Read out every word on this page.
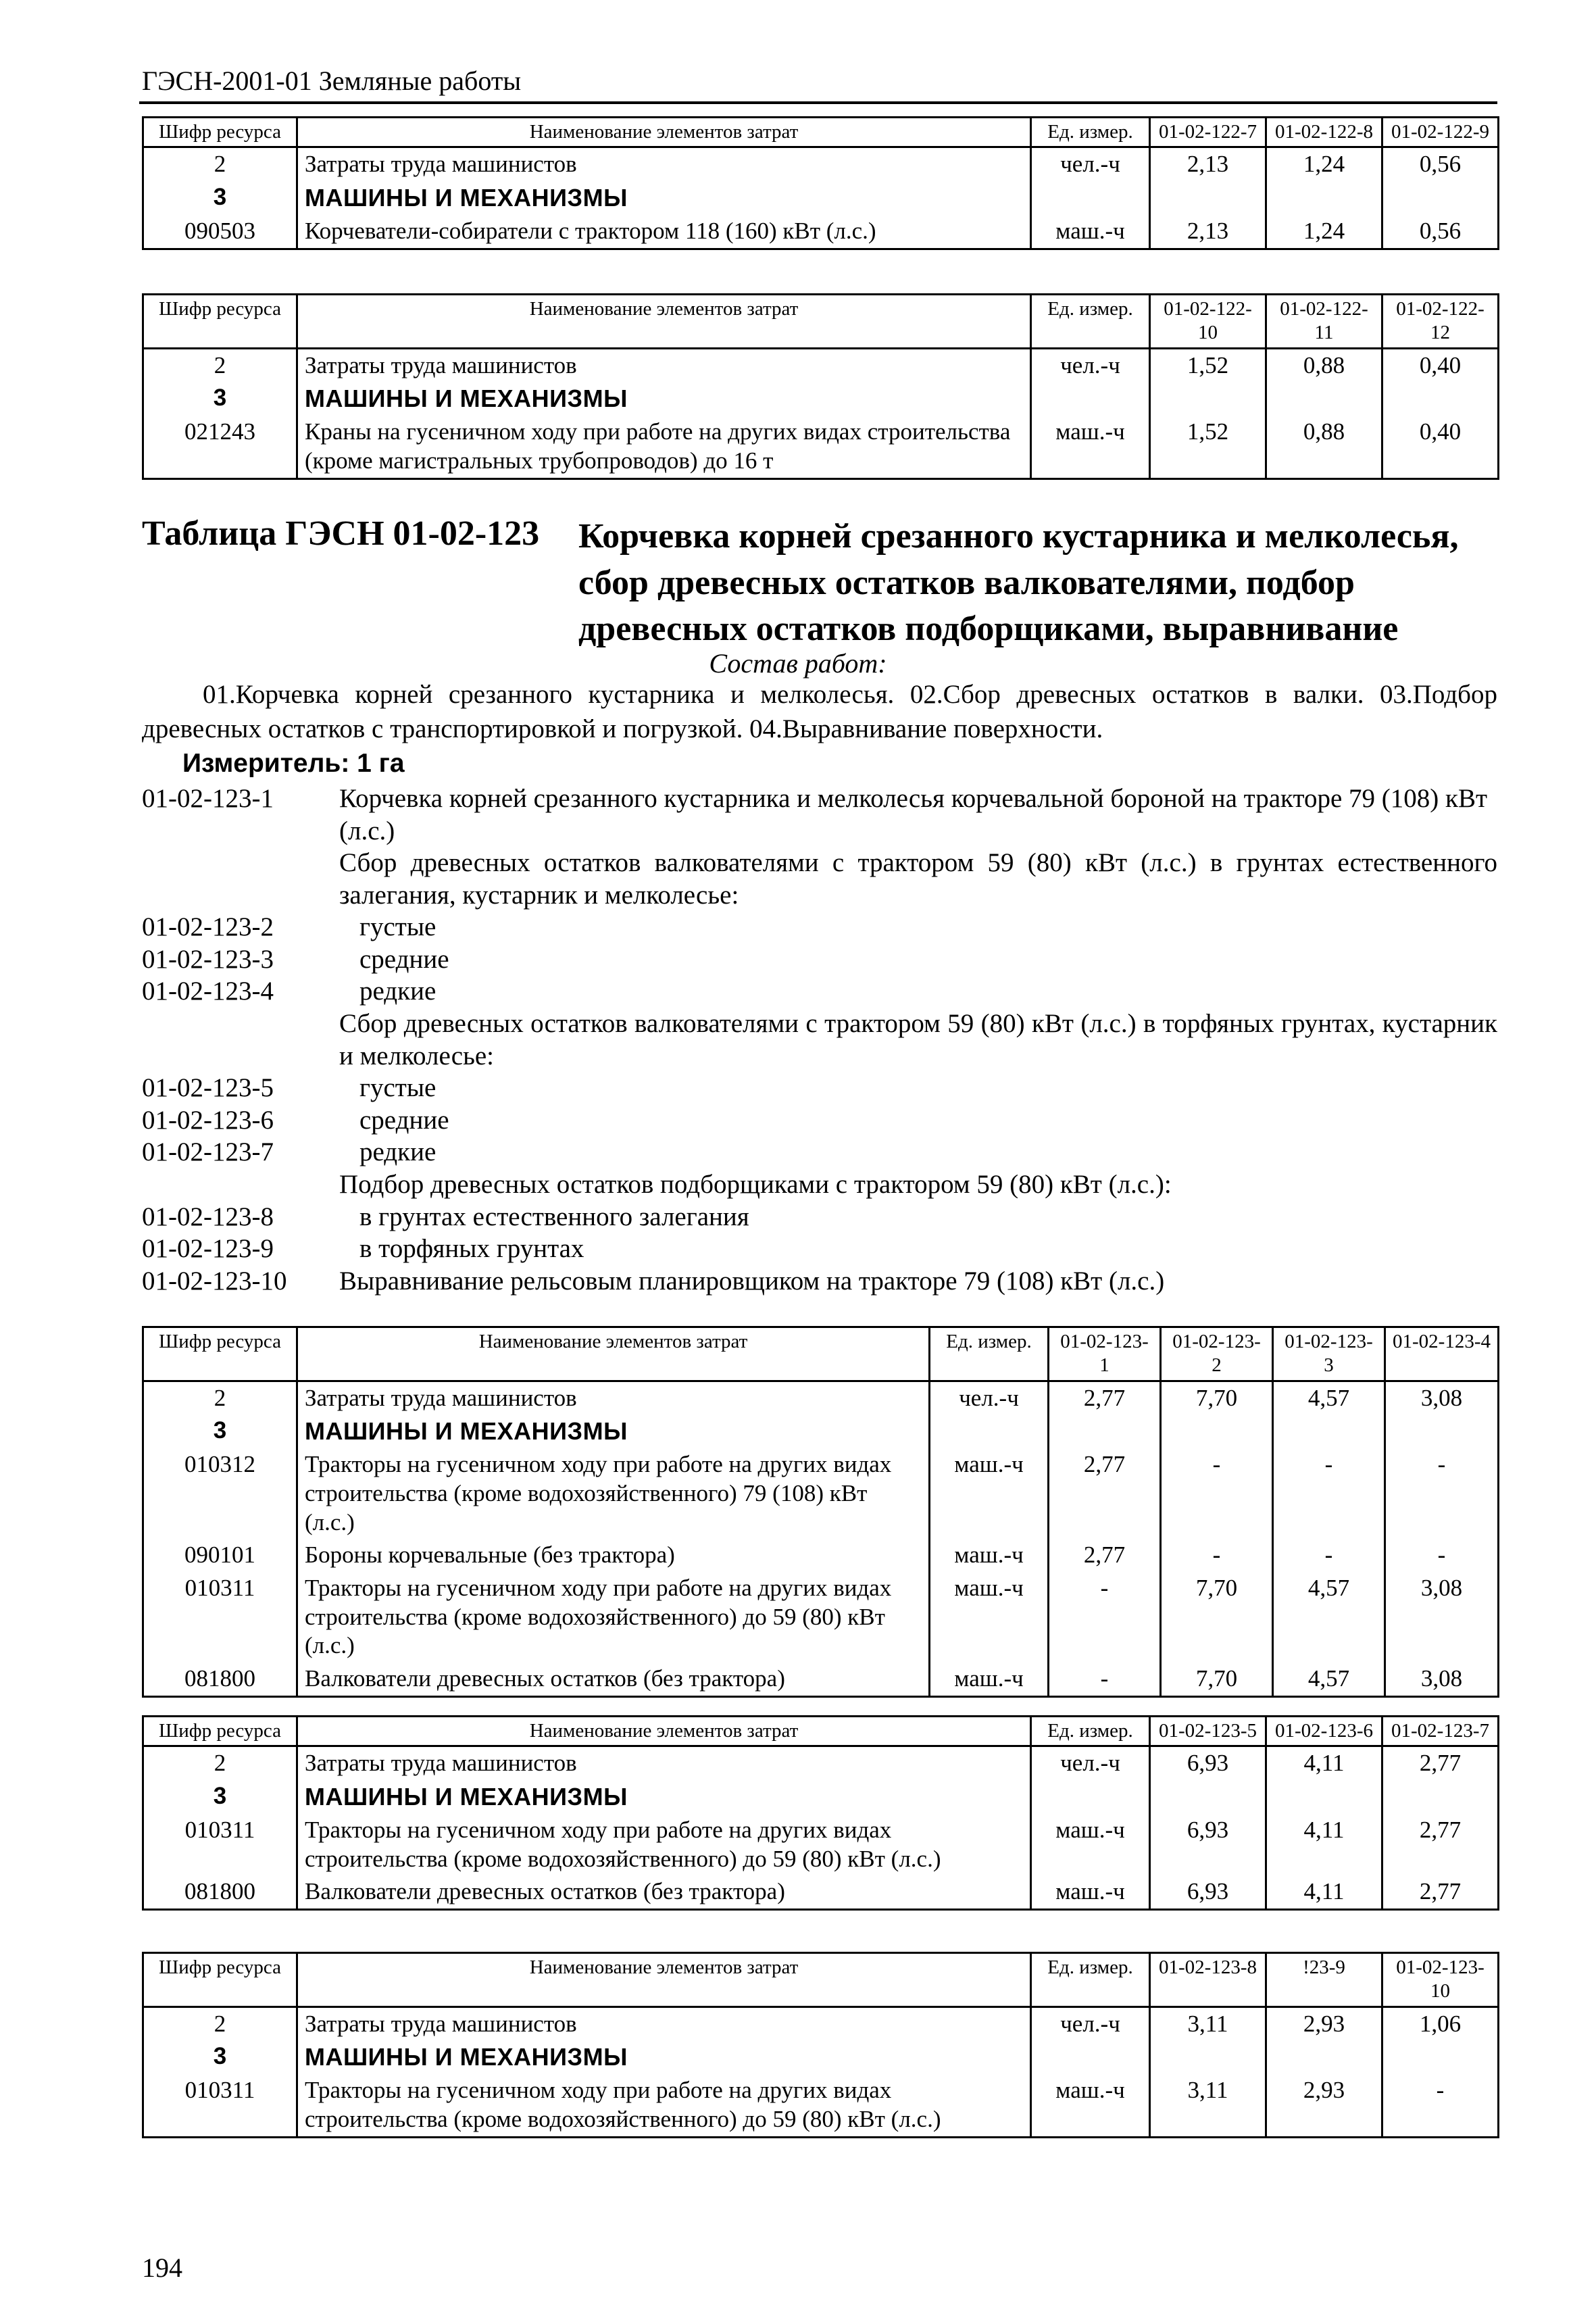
ГЭСН-2001-01 Земляные работы
Шифр ресурса	Наименование элементов затрат	Ед. измер.	01-02-122-7	01-02-122-8	01-02-122-9
2	Затраты труда машинистов	чел.-ч	2,13	1,24	0,56
3	МАШИНЫ И МЕХАНИЗМЫ				
090503	Корчеватели-собиратели с трактором 118 (160) кВт (л.с.)	маш.-ч	2,13	1,24	0,56
Шифр ресурса	Наименование элементов затрат	Ед. измер.	01-02-122-10	01-02-122-11	01-02-122-12
2	Затраты труда машинистов	чел.-ч	1,52	0,88	0,40
3	МАШИНЫ И МЕХАНИЗМЫ				
021243	Краны на гусеничном ходу при работе на других видах строительства (кроме магистральных трубопроводов) до 16 т	маш.-ч	1,52	0,88	0,40
Таблица ГЭСН 01-02-123 Корчевка корней срезанного кустарника и мелколесья, сбор древесных остатков валкователями, подбор древесных остатков подборщиками, выравнивание
Состав работ:
01.Корчевка корней срезанного кустарника и мелколесья. 02.Сбор древесных остатков в валки. 03.Подбор древесных остатков с транспортировкой и погрузкой. 04.Выравнивание поверхности.
Измеритель: 1 га
01-02-123-1	Корчевка корней срезанного кустарника и мелколесья корчевальной бороной на тракторе 79 (108) кВт (л.с.)
Сбор древесных остатков валкователями с трактором 59 (80) кВт (л.с.) в грунтах естественного залегания, кустарник и мелколесье:
01-02-123-2	густые
01-02-123-3	средние
01-02-123-4	редкие
Сбор древесных остатков валкователями с трактором 59 (80) кВт (л.с.) в торфяных грунтах, кустарник и мелколесье:
01-02-123-5	густые
01-02-123-6	средние
01-02-123-7	редкие
Подбор древесных остатков подборщиками с трактором 59 (80) кВт (л.с.):
01-02-123-8	в грунтах естественного залегания
01-02-123-9	в торфяных грунтах
01-02-123-10	Выравнивание рельсовым планировщиком на тракторе 79 (108) кВт (л.с.)
Шифр ресурса	Наименование элементов затрат	Ед. измер.	01-02-123-1	01-02-123-2	01-02-123-3	01-02-123-4
2	Затраты труда машинистов	чел.-ч	2,77	7,70	4,57	3,08
3	МАШИНЫ И МЕХАНИЗМЫ					
010312	Тракторы на гусеничном ходу при работе на других видах строительства (кроме водохозяйственного) 79 (108) кВт (л.с.)	маш.-ч	2,77	-	-	-
090101	Бороны корчевальные (без трактора)	маш.-ч	2,77	-	-	-
010311	Тракторы на гусеничном ходу при работе на других видах строительства (кроме водохозяйственного) до 59 (80) кВт (л.с.)	маш.-ч	-	7,70	4,57	3,08
081800	Валкователи древесных остатков (без трактора)	маш.-ч	-	7,70	4,57	3,08
Шифр ресурса	Наименование элементов затрат	Ед. измер.	01-02-123-5	01-02-123-6	01-02-123-7
2	Затраты труда машинистов	чел.-ч	6,93	4,11	2,77
3	МАШИНЫ И МЕХАНИЗМЫ				
010311	Тракторы на гусеничном ходу при работе на других видах строительства (кроме водохозяйственного) до 59 (80) кВт (л.с.)	маш.-ч	6,93	4,11	2,77
081800	Валкователи древесных остатков (без трактора)	маш.-ч	6,93	4,11	2,77
Шифр ресурса	Наименование элементов затрат	Ед. измер.	01-02-123-8	!23-9	01-02-123-10
2	Затраты труда машинистов	чел.-ч	3,11	2,93	1,06
3	МАШИНЫ И МЕХАНИЗМЫ				
010311	Тракторы на гусеничном ходу при работе на других видах строительства (кроме водохозяйственного) до 59 (80) кВт (л.с.)	маш.-ч	3,11	2,93	-
194
